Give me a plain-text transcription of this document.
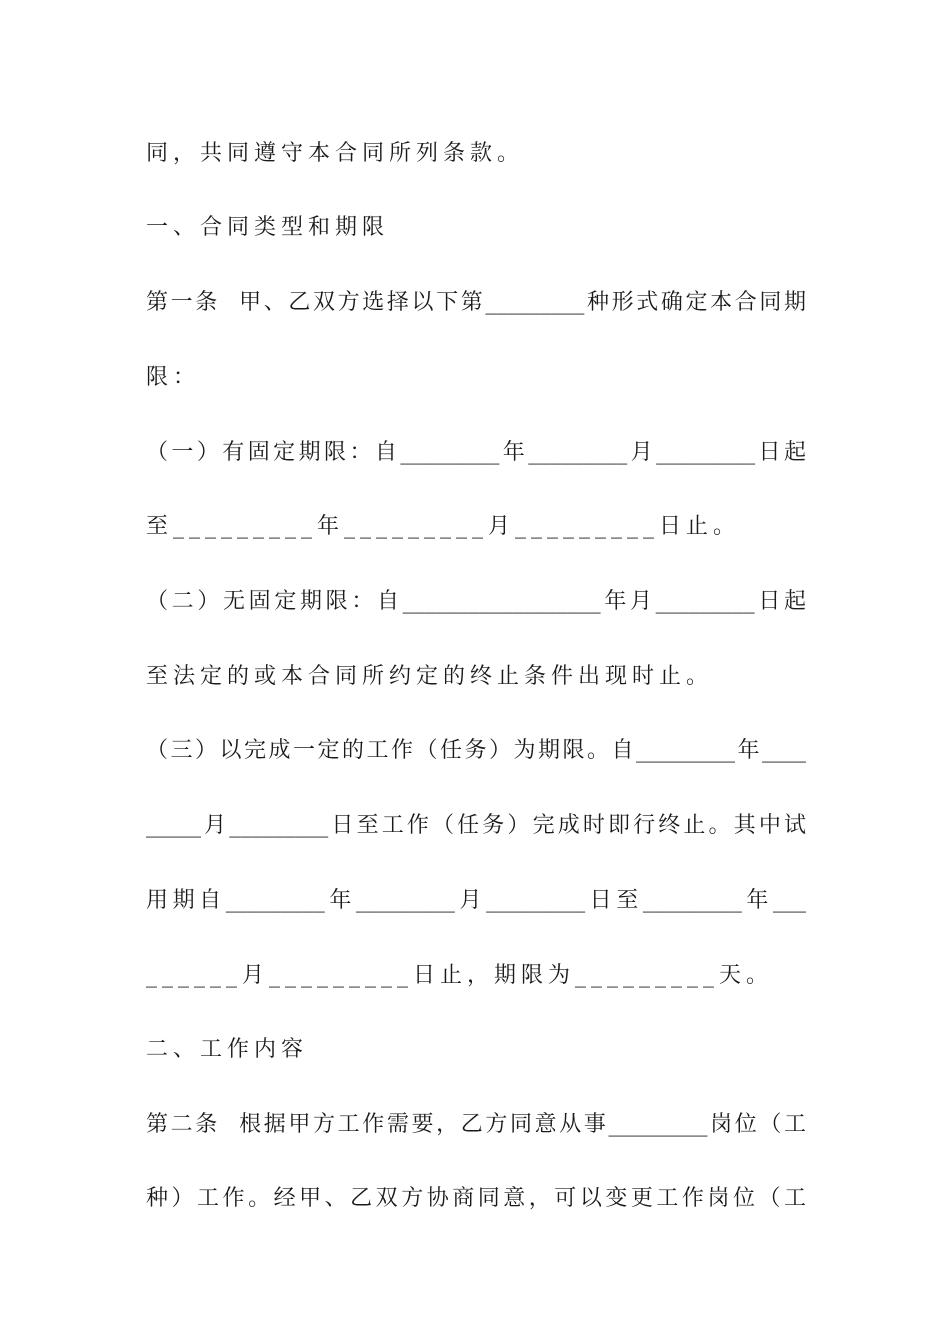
同，共同遵守本合同所列条款。
一、合同类型和期限
第一条  甲、乙双方选择以下第_________种形式确定本合同期
限：
（一）有固定期限：自_________年_________月_________日起
至_________年_________月_________日止。
（二）无固定期限：自__________________年月_________日起
至法定的或本合同所约定的终止条件出现时止。
（三）以完成一定的工作（任务）为期限。自_________年____
_____月_________日至工作（任务）完成时即行终止。其中试
用期自_________年_________月_________日至_________年___
______月_________日止，期限为_________天。
二、工作内容
第二条  根据甲方工作需要，乙方同意从事_________岗位（工
种）工作。经甲、乙双方协商同意，可以变更工作岗位（工
